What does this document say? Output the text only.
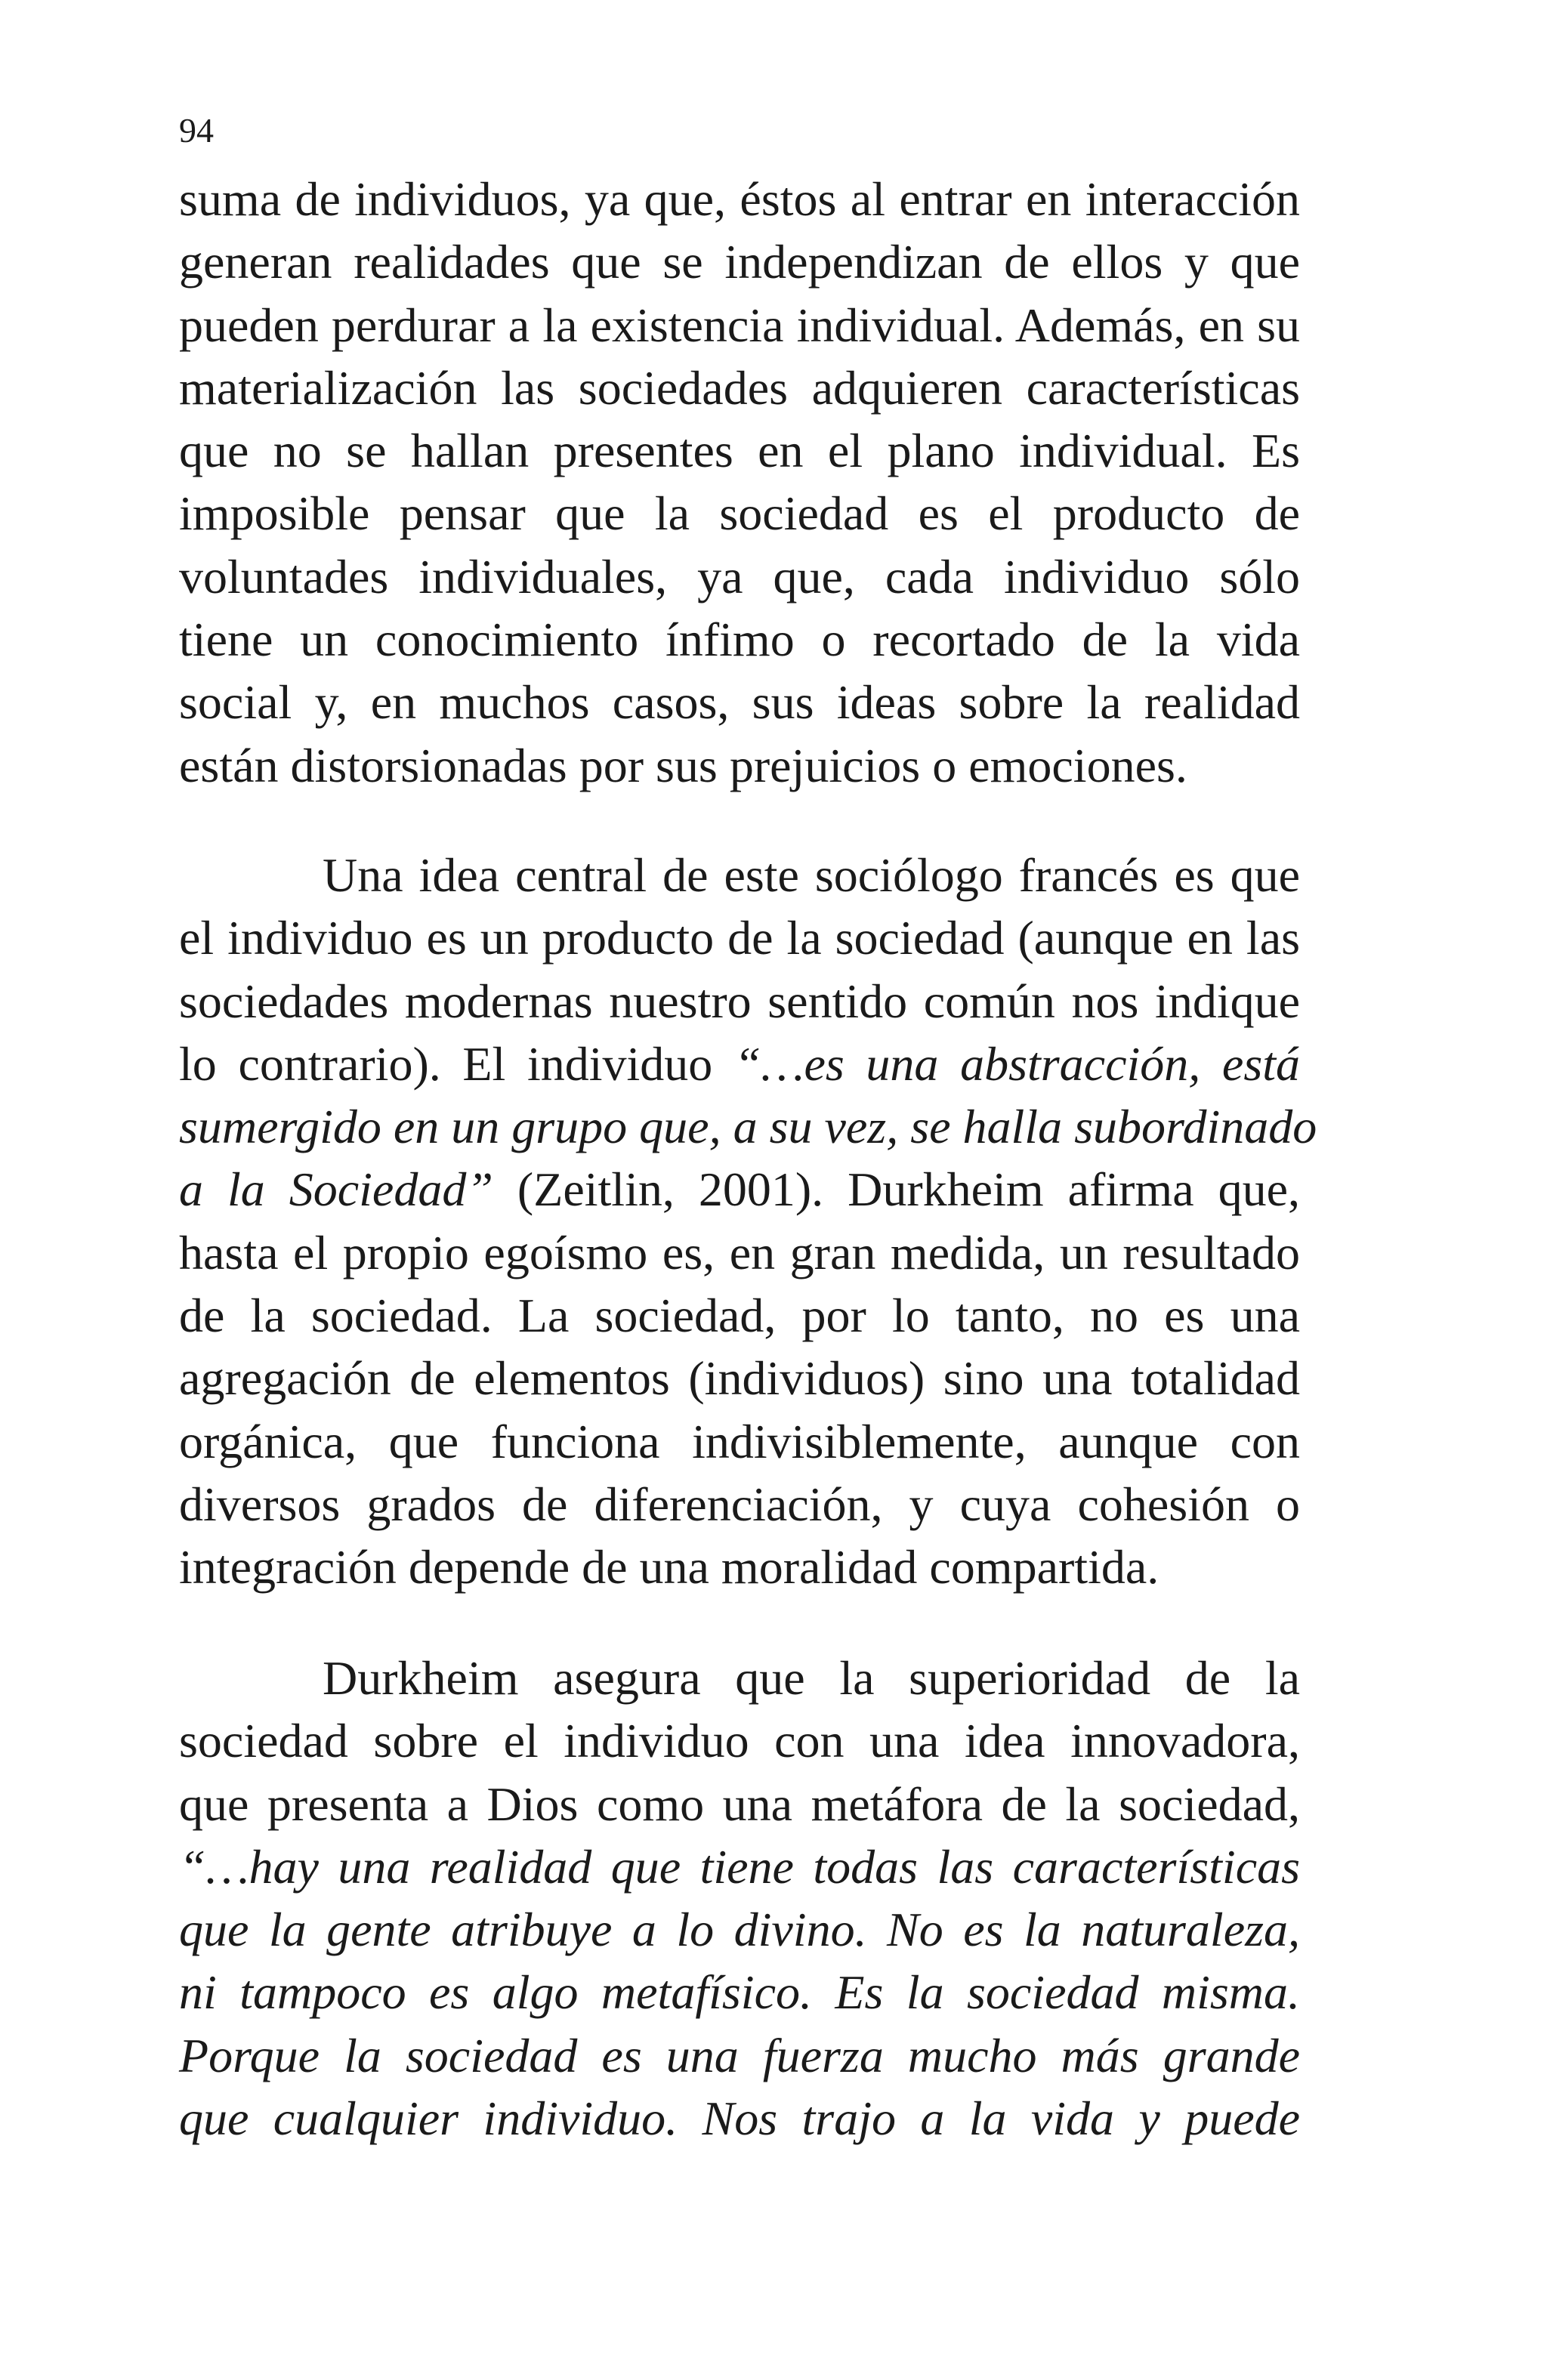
94
suma de individuos, ya que, éstos al entrar en interacción
generan realidades que se independizan de ellos y que
pueden perdurar a la existencia individual. Además, en su
materialización las sociedades adquieren características
que no se hallan presentes en el plano individual. Es
imposible pensar que la sociedad es el producto de
voluntades individuales, ya que, cada individuo sólo
tiene un conocimiento ínfimo o recortado de la vida
social y, en muchos casos, sus ideas sobre la realidad
están distorsionadas por sus prejuicios o emociones.
Una idea central de este sociólogo francés es que
el individuo es un producto de la sociedad (aunque en las
sociedades modernas nuestro sentido común nos indique
lo contrario). El individuo “…es una abstracción, está
sumergido en un grupo que, a su vez, se halla subordinado
a la Sociedad” (Zeitlin, 2001). Durkheim afirma que,
hasta el propio egoísmo es, en gran medida, un resultado
de la sociedad. La sociedad, por lo tanto, no es una
agregación de elementos (individuos) sino una totalidad
orgánica, que funciona indivisiblemente, aunque con
diversos grados de diferenciación, y cuya cohesión o
integración depende de una moralidad compartida.
Durkheim asegura que la superioridad de la
sociedad sobre el individuo con una idea innovadora,
que presenta a Dios como una metáfora de la sociedad,
“…hay una realidad que tiene todas las características
que la gente atribuye a lo divino. No es la naturaleza,
ni tampoco es algo metafísico. Es la sociedad misma.
Porque la sociedad es una fuerza mucho más grande
que cualquier individuo. Nos trajo a la vida y puede
